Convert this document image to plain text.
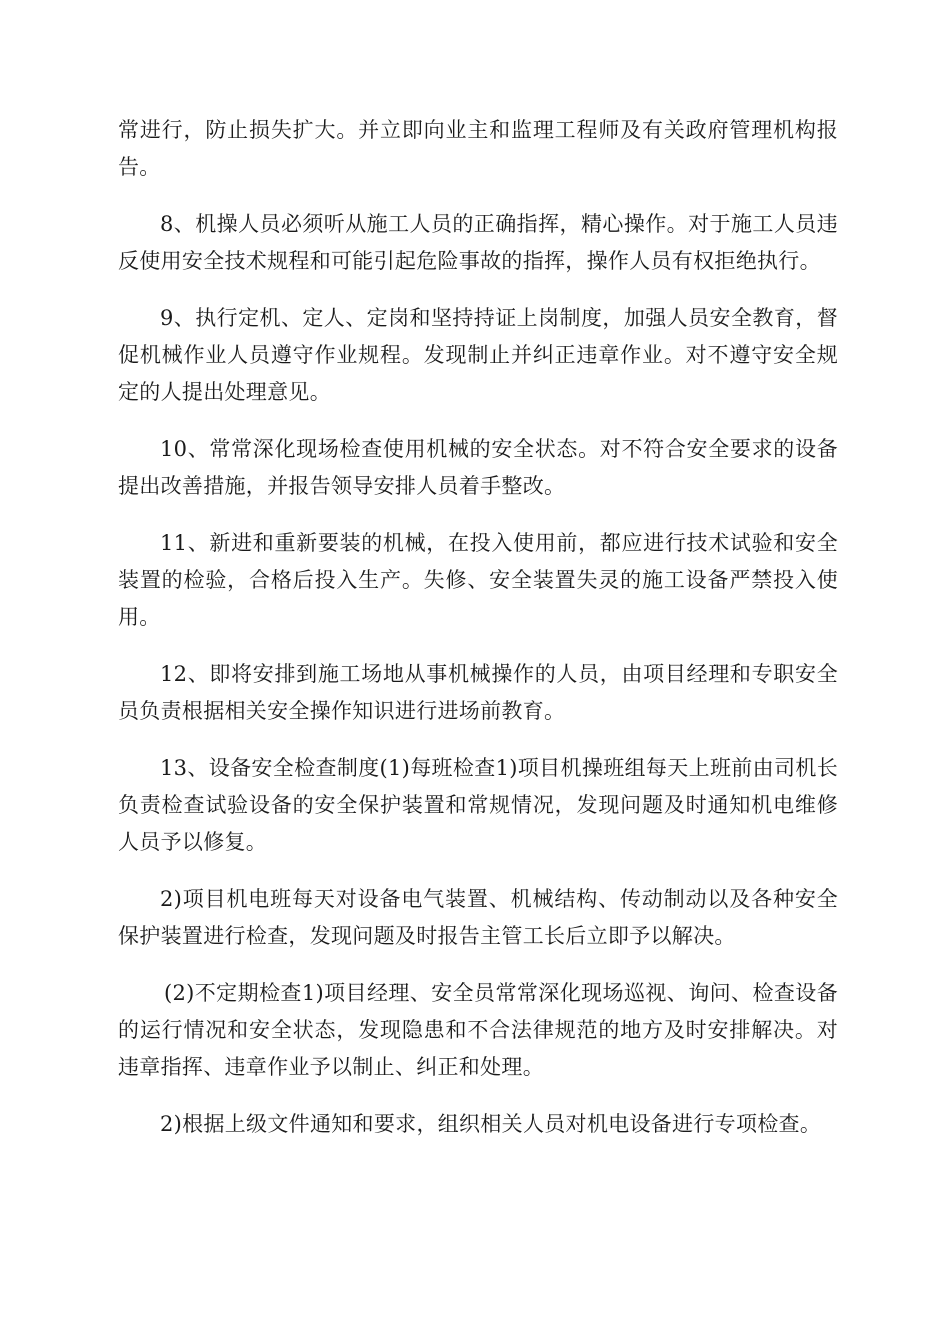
常进行，防止损失扩大。并立即向业主和监理工程师及有关政府管理机构报告。

8、机操人员必须听从施工人员的正确指挥，精心操作。对于施工人员违反使用安全技术规程和可能引起危险事故的指挥，操作人员有权拒绝执行。

9、执行定机、定人、定岗和坚持持证上岗制度，加强人员安全教育，督促机械作业人员遵守作业规程。发现制止并纠正违章作业。对不遵守安全规定的人提出处理意见。

10、常常深化现场检查使用机械的安全状态。对不符合安全要求的设备提出改善措施，并报告领导安排人员着手整改。

11、新进和重新要装的机械，在投入使用前，都应进行技术试验和安全装置的检验，合格后投入生产。失修、安全装置失灵的施工设备严禁投入使用。

12、即将安排到施工场地从事机械操作的人员，由项目经理和专职安全员负责根据相关安全操作知识进行进场前教育。

13、设备安全检查制度(1)每班检查1)项目机操班组每天上班前由司机长负责检查试验设备的安全保护装置和常规情况，发现问题及时通知机电维修人员予以修复。

2)项目机电班每天对设备电气装置、机械结构、传动制动以及各种安全保护装置进行检查，发现问题及时报告主管工长后立即予以解决。

(2)不定期检查1)项目经理、安全员常常深化现场巡视、询问、检查设备的运行情况和安全状态，发现隐患和不合法律规范的地方及时安排解决。对违章指挥、违章作业予以制止、纠正和处理。

2)根据上级文件通知和要求，组织相关人员对机电设备进行专项检查。
